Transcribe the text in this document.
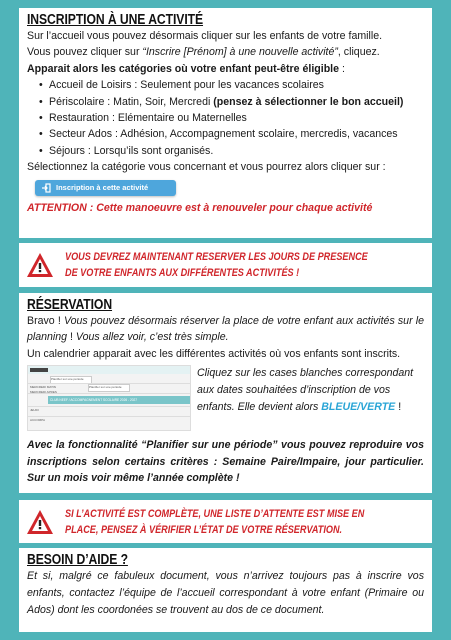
INSCRIPTION À UNE ACTIVITÉ

Sur l’accueil vous pouvez désormais cliquer sur les enfants de votre famille.

Vous pouvez cliquer sur “Inscrire [Prénom] à une nouvelle activité”, cliquez.

Apparait alors les catégories où votre enfant peut-être éligible :

• Accueil de Loisirs : Seulement pour les vacances scolaires
• Périscolaire : Matin, Soir, Mercredi (pensez à sélectionner le bon accueil)
• Restauration : Elémentaire ou Maternelles
• Secteur Ados : Adhésion, Accompagnement scolaire, mercredis, vacances
• Séjours : Lorsqu’ils sont organisés.

Sélectionnez la catégorie vous concernant et vous pourrez alors cliquer sur :

Inscription à cette activité

ATTENTION : Cette manoeuvre est à renouveler pour chaque activité

VOUS DEVREZ MAINTENANT RESERVER LES JOURS DE PRESENCE DE VOTRE ENFANTS AUX DIFFÉRENTES ACTIVITÉS !
RÉSERVATION

Bravo ! Vous pouvez désormais réserver la place de votre enfant aux activités sur le planning ! Vous allez voir, c’est très simple.

Un calendrier apparait avec les différentes activités où vos enfants sont inscrits.

Planifier sur une période
Planifier sur une période
MERCREDI MATIN
MERCREDI APRES
JEUDI
ACCOMPA
CLUB NEEF / ACCOMPAGNEMENT SCOLAIRE 2026 - 2027
Cliquez sur les cases blanches correspondant aux dates souhaitées d’inscription de vos enfants. Elle devient alors BLEUE/VERTE !

Avec la fonctionnalité “Planifier sur une période” vous pouvez reproduire vos inscriptions selon certains critères : Semaine Paire/Impaire, jour particulier. Sur un mois voir même l’année complète !

SI L’ACTIVITÉ EST COMPLÈTE, UNE LISTE D’ATTENTE EST MISE EN PLACE, PENSEZ À VÉRIFIER L’ÉTAT DE VOTRE RÉSERVATION.
BESOIN D’AIDE ?

Et si, malgré ce fabuleux document, vous n’arrivez toujours pas à inscrire vos enfants, contactez l’équipe de l’accueil correspondant à votre enfant (Primaire ou Ados) dont les coordonées se trouvent au dos de ce document.
